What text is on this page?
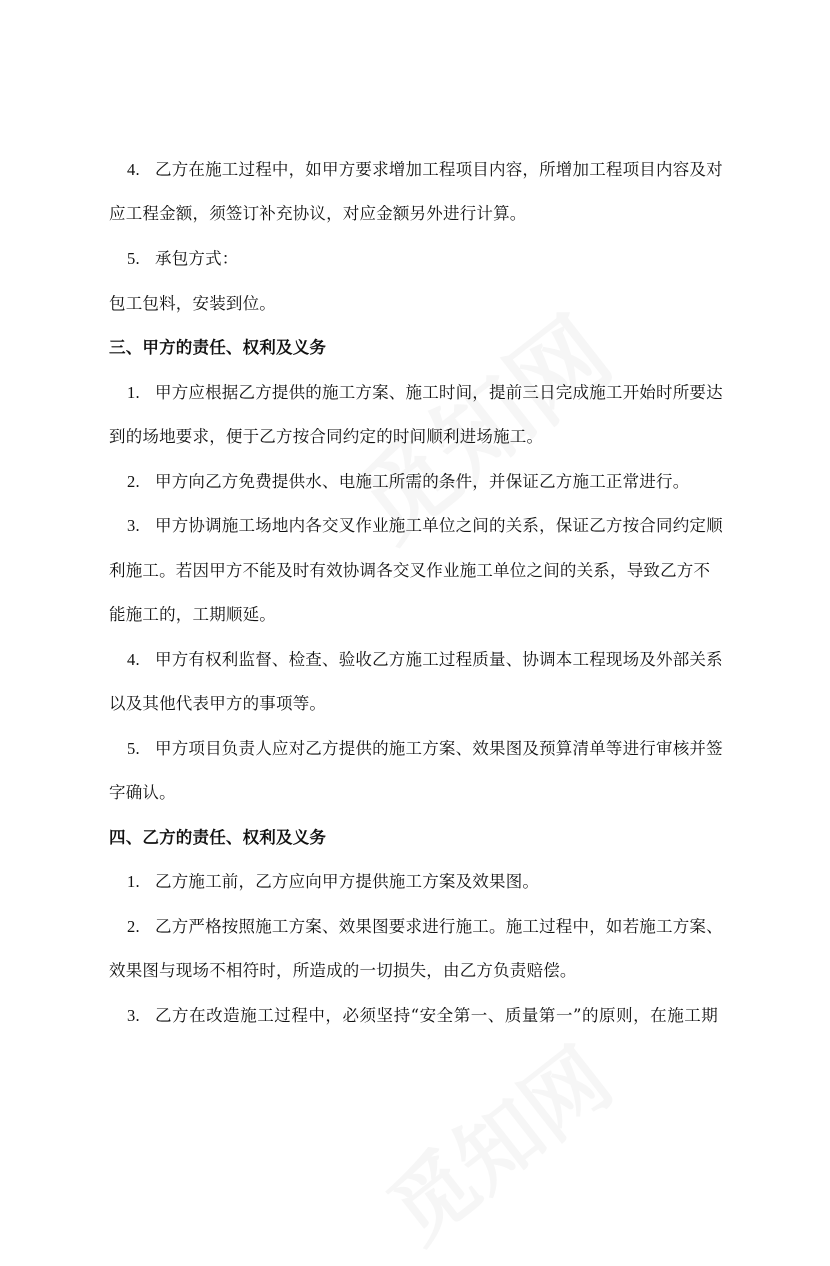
4. 乙方在施工过程中，如甲方要求增加工程项目内容，所增加工程项目内容及对
应工程金额，须签订补充协议，对应金额另外进行计算。
5. 承包方式：
包工包料，安装到位。
三、甲方的责任、权利及义务
1. 甲方应根据乙方提供的施工方案、施工时间，提前三日完成施工开始时所要达
到的场地要求，便于乙方按合同约定的时间顺利进场施工。
2. 甲方向乙方免费提供水、电施工所需的条件，并保证乙方施工正常进行。
3. 甲方协调施工场地内各交叉作业施工单位之间的关系，保证乙方按合同约定顺
利施工。若因甲方不能及时有效协调各交叉作业施工单位之间的关系，导致乙方不
能施工的，工期顺延。
4. 甲方有权利监督、检查、验收乙方施工过程质量、协调本工程现场及外部关系
以及其他代表甲方的事项等。
5. 甲方项目负责人应对乙方提供的施工方案、效果图及预算清单等进行审核并签
字确认。
四、乙方的责任、权利及义务
1. 乙方施工前，乙方应向甲方提供施工方案及效果图。
2. 乙方严格按照施工方案、效果图要求进行施工。施工过程中，如若施工方案、
效果图与现场不相符时，所造成的一切损失，由乙方负责赔偿。
3. 乙方在改造施工过程中，必须坚持“安全第一、质量第一”的原则，在施工期
